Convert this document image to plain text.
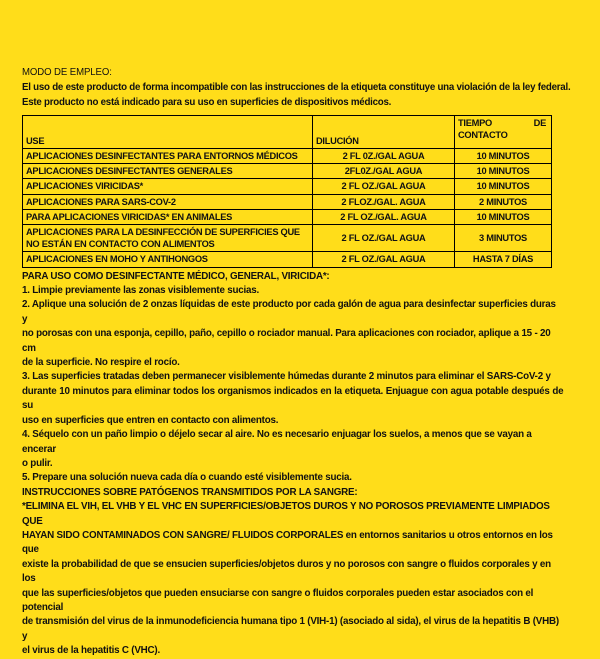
MODO DE EMPLEO:

El uso de este producto de forma incompatible con las instrucciones de la etiqueta constituye una violación de la ley federal.

Este producto no está indicado para su uso en superficies de dispositivos médicos.

USE	DILUCIÓN	TIEMPO DE
CONTACTO

APLICACIONES DESINFECTANTES PARA ENTORNOS MÉDICOS	2 FL 0Z./GAL AGUA	10 MINUTOS
APLICACIONES DESINFECTANTES GENERALES	2FL0Z./GAL AGUA	10 MINUTOS
APLICACIONES VIRICIDAS*	2 FL OZ./GAL AGUA	10 MINUTOS
APLICACIONES PARA SARS-COV-2	2 FLOZ./GAL. AGUA	2 MINUTOS
PARA APLICACIONES VIRICIDAS* EN ANIMALES	2 FL OZ./GAL. AGUA	10 MINUTOS

APLICACIONES PARA LA DESINFECCIÓN DE SUPERFICIES QUE
NO ESTÁN EN CONTACTO CON ALIMENTOS	2 FL OZ./GAL AGUA	3 MINUTOS
APLICACIONES EN MOHO Y ANTIHONGOS	2 FL OZ./GAL AGUA	HASTA 7 DÍAS

PARA USO COMO DESINFECTANTE MÉDICO, GENERAL, VIRICIDA*:

1. Limpie previamente las zonas visiblemente sucias.

2. Aplique una solución de 2 onzas líquidas de este producto por cada galón de agua para desinfectar superficies duras y

no porosas con una esponja, cepillo, paño, cepillo o rociador manual. Para aplicaciones con rociador, aplique a 15 - 20 cm

de la superficie. No respire el rocío.

3. Las superficies tratadas deben permanecer visiblemente húmedas durante 2 minutos para eliminar el SARS-CoV-2 y

durante 10 minutos para eliminar todos los organismos indicados en la etiqueta. Enjuague con agua potable después de su

uso en superficies que entren en contacto con alimentos.

4. Séquelo con un paño limpio o déjelo secar al aire. No es necesario enjuagar los suelos, a menos que se vayan a encerar

o pulir.

5. Prepare una solución nueva cada día o cuando esté visiblemente sucia.

INSTRUCCIONES SOBRE PATÓGENOS TRANSMITIDOS POR LA SANGRE:

*ELIMINA EL VIH, EL VHB Y EL VHC EN SUPERFICIES/OBJETOS DUROS Y NO POROSOS PREVIAMENTE LIMPIADOS QUE

HAYAN SIDO CONTAMINADOS CON SANGRE/ FLUIDOS CORPORALES en entornos sanitarios u otros entornos en los que

existe la probabilidad de que se ensucien superficies/objetos duros y no porosos con sangre o fluidos corporales y en los

que las superficies/objetos que pueden ensuciarse con sangre o fluidos corporales pueden estar asociados con el potencial

de transmisión del virus de la inmunodeficiencia humana tipo 1 (VIH-1) (asociado al sida), el virus de la hepatitis B (VHB) y

el virus de la hepatitis C (VHC).
